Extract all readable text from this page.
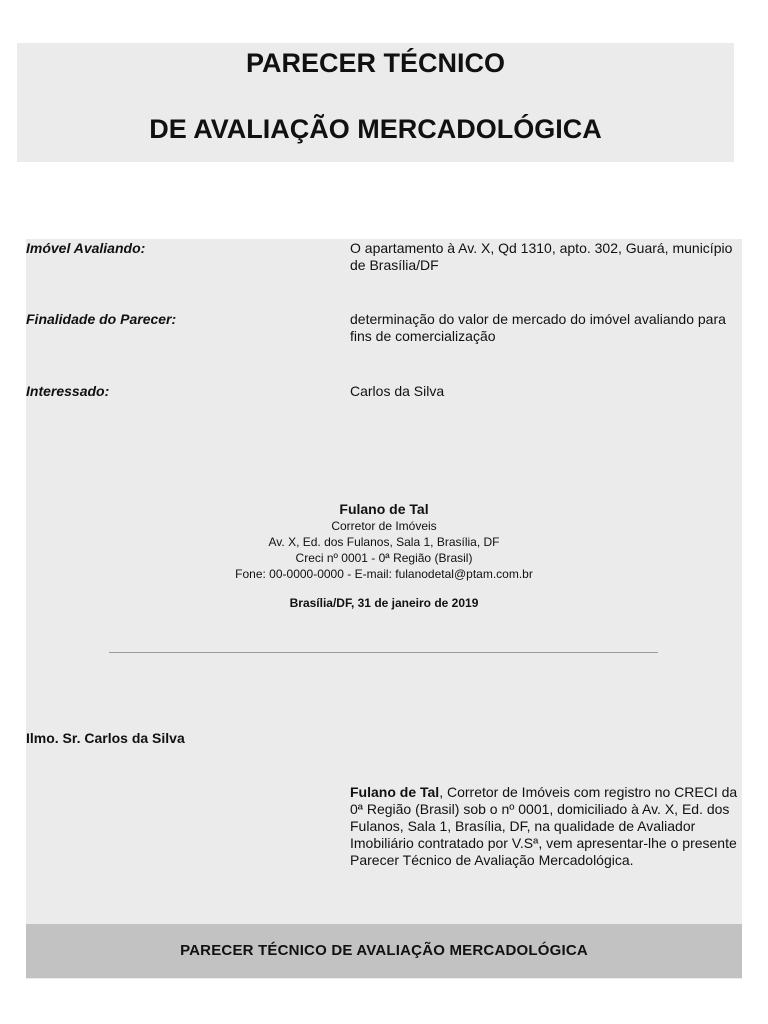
PARECER TÉCNICO
DE AVALIAÇÃO MERCADOLÓGICA
Imóvel Avaliando:	O apartamento à Av. X, Qd 1310, apto. 302, Guará, município de Brasília/DF
Finalidade do Parecer:	determinação do valor de mercado do imóvel avaliando para fins de comercialização
Interessado:	Carlos da Silva
Fulano de Tal
Corretor de Imóveis
Av. X, Ed. dos Fulanos, Sala 1, Brasília, DF
Creci nº 0001 - 0ª Região (Brasil)
Fone: 00-0000-0000 - E-mail: fulanodetal@ptam.com.br
Brasília/DF, 31 de janeiro de 2019
Ilmo. Sr. Carlos da Silva
Fulano de Tal, Corretor de Imóveis com registro no CRECI da 0ª Região (Brasil) sob o nº 0001, domiciliado à Av. X, Ed. dos Fulanos, Sala 1, Brasília, DF, na qualidade de Avaliador Imobiliário contratado por V.Sª, vem apresentar-lhe o presente Parecer Técnico de Avaliação Mercadológica.
PARECER TÉCNICO DE AVALIAÇÃO MERCADOLÓGICA
